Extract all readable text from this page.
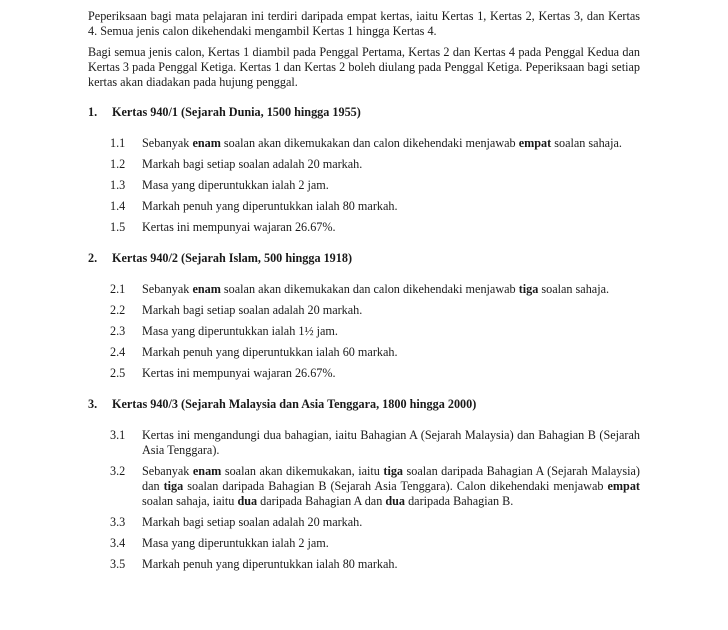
Peperiksaan bagi mata pelajaran ini terdiri daripada empat kertas, iaitu Kertas 1, Kertas 2, Kertas 3, dan Kertas 4. Semua jenis calon dikehendaki mengambil Kertas 1 hingga Kertas 4.

Bagi semua jenis calon, Kertas 1 diambil pada Penggal Pertama, Kertas 2 dan Kertas 4 pada Penggal Kedua dan Kertas 3 pada Penggal Ketiga. Kertas 1 dan Kertas 2 boleh diulang pada Penggal Ketiga. Peperiksaan bagi setiap kertas akan diadakan pada hujung penggal.

1.	Kertas 940/1 (Sejarah Dunia, 1500 hingga 1955)
1.1	Sebanyak enam soalan akan dikemukakan dan calon dikehendaki menjawab empat soalan sahaja.
1.2	Markah bagi setiap soalan adalah 20 markah.
1.3	Masa yang diperuntukkan ialah 2 jam.
1.4	Markah penuh yang diperuntukkan ialah 80 markah.
1.5	Kertas ini mempunyai wajaran 26.67%.
2.	Kertas 940/2 (Sejarah Islam, 500 hingga 1918)
2.1	Sebanyak enam soalan akan dikemukakan dan calon dikehendaki menjawab tiga soalan sahaja.
2.2	Markah bagi setiap soalan adalah 20 markah.
2.3	Masa yang diperuntukkan ialah 1½ jam.
2.4	Markah penuh yang diperuntukkan ialah 60 markah.
2.5	Kertas ini mempunyai wajaran 26.67%.
3.	Kertas 940/3 (Sejarah Malaysia dan Asia Tenggara, 1800 hingga 2000)
3.1	Kertas ini mengandungi dua bahagian, iaitu Bahagian A (Sejarah Malaysia) dan Bahagian B (Sejarah Asia Tenggara).
3.2	Sebanyak enam soalan akan dikemukakan, iaitu tiga soalan daripada Bahagian A (Sejarah Malaysia) dan tiga soalan daripada Bahagian B (Sejarah Asia Tenggara). Calon dikehendaki menjawab empat soalan sahaja, iaitu dua daripada Bahagian A dan dua daripada Bahagian B.
3.3	Markah bagi setiap soalan adalah 20 markah.
3.4	Masa yang diperuntukkan ialah 2 jam.
3.5	Markah penuh yang diperuntukkan ialah 80 markah.
